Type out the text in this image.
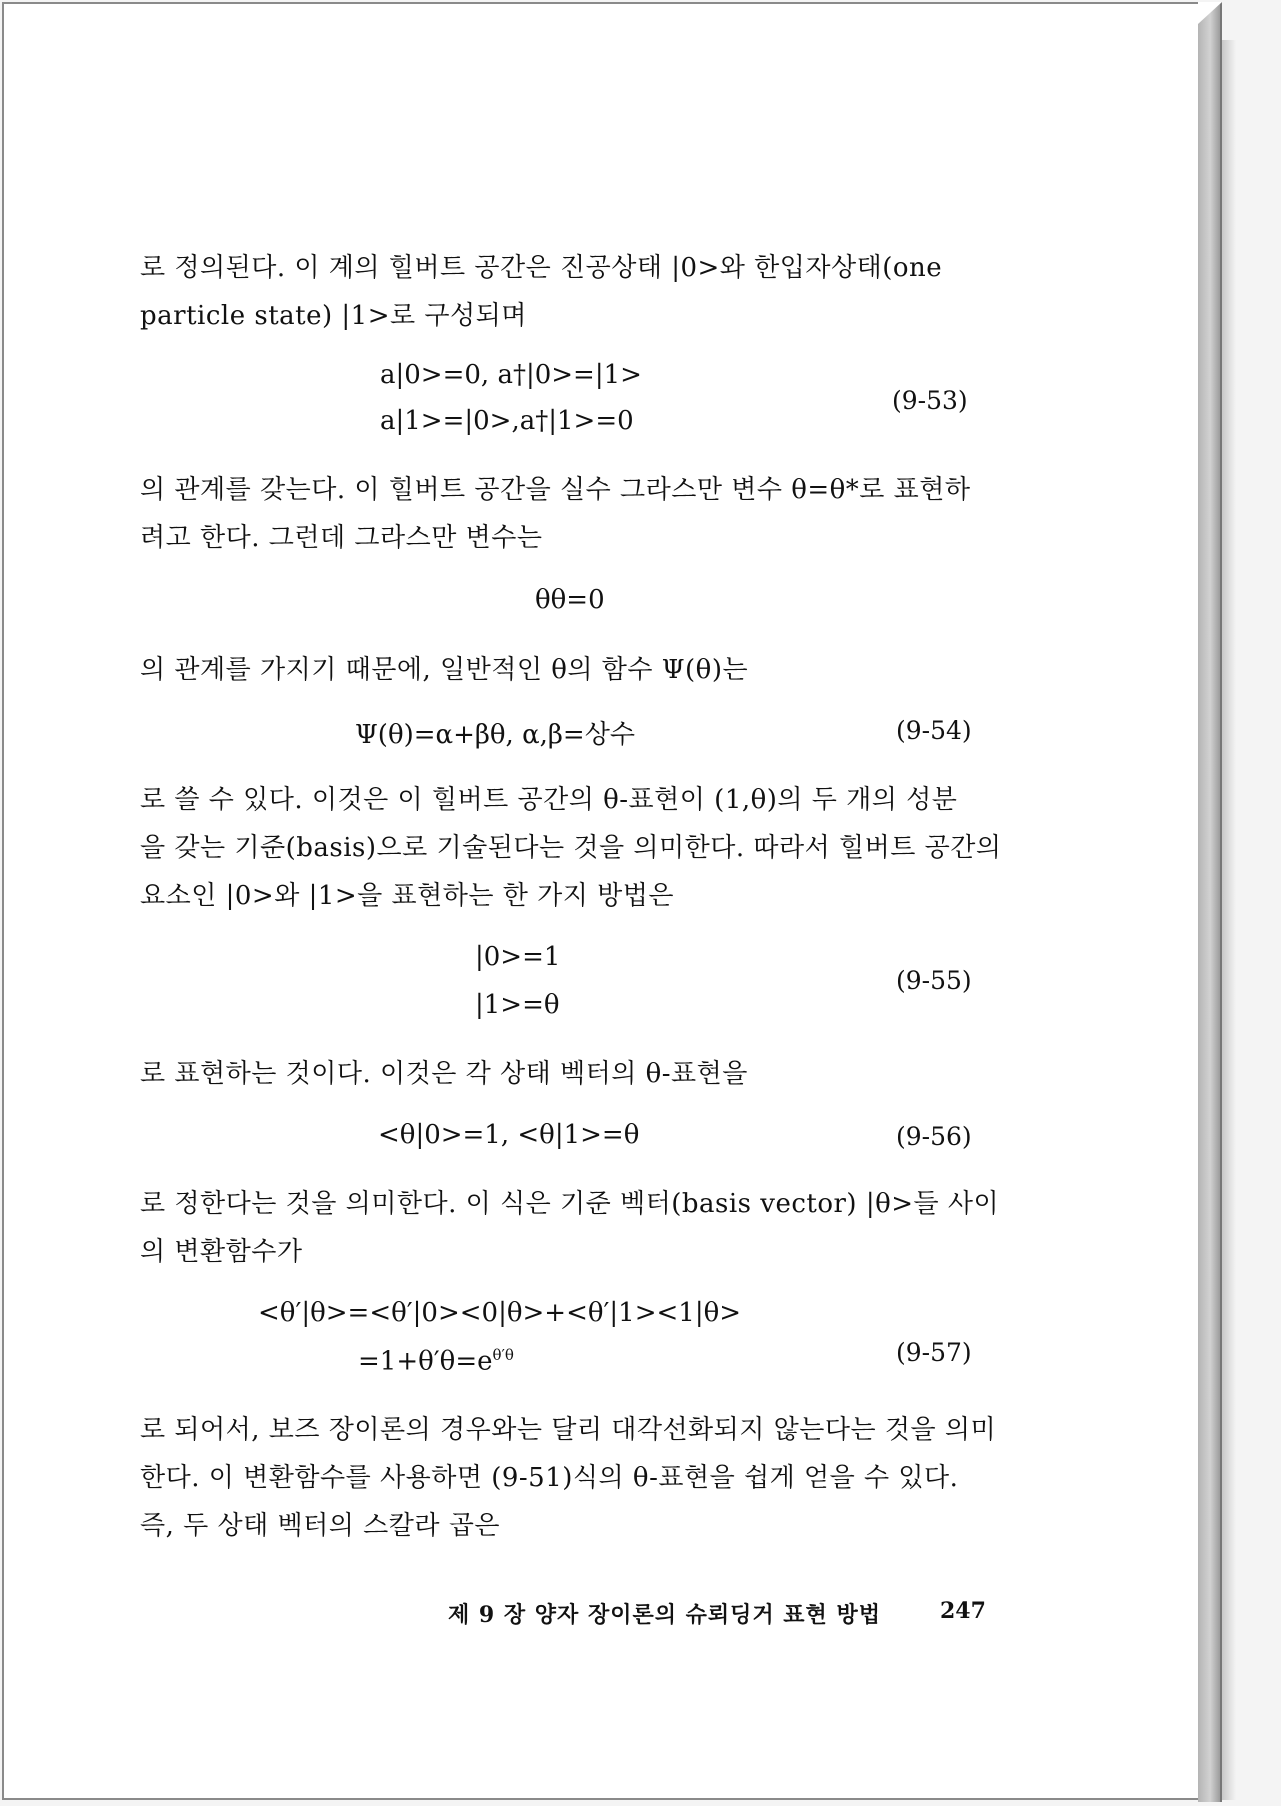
로 정의된다. 이 계의 힐버트 공간은 진공상태 |0>와 한입자상태(one

particle state) |1>로 구성되며

a|0>=0, a†|0>=|1>
a|1>=|0>,a†|1>=0
(9-53)

의 관계를 갖는다. 이 힐버트 공간을 실수 그라스만 변수 θ=θ*로 표현하

려고 한다. 그런데 그라스만 변수는

θθ=0

의 관계를 가지기 때문에, 일반적인 θ의 함수 Ψ(θ)는

Ψ(θ)=α+βθ, α,β=상수	(9-54)

로 쓸 수 있다. 이것은 이 힐버트 공간의 θ-표현이 (1,θ)의 두 개의 성분

을 갖는 기준(basis)으로 기술된다는 것을 의미한다. 따라서 힐버트 공간의

요소인 |0>와 |1>을 표현하는 한 가지 방법은

|0>=1
|1>=θ
(9-55)

로 표현하는 것이다. 이것은 각 상태 벡터의 θ-표현을

<θ|0>=1, <θ|1>=θ	(9-56)

로 정한다는 것을 의미한다. 이 식은 기준 벡터(basis vector) |θ>들 사이

의 변환함수가

<θ′|θ>=<θ′|0><0|θ>+<θ′|1><1|θ>
$=1+\theta'\theta=e^{\theta'\theta}$	(9-57)

로 되어서, 보즈 장이론의 경우와는 달리 대각선화되지 않는다는 것을 의미

한다. 이 변환함수를 사용하면 (9-51)식의 θ-표현을 쉽게 얻을 수 있다.

즉, 두 상태 벡터의 스칼라 곱은

제 9 장 양자 장이론의 슈뢰딩거 표현 방법	247
